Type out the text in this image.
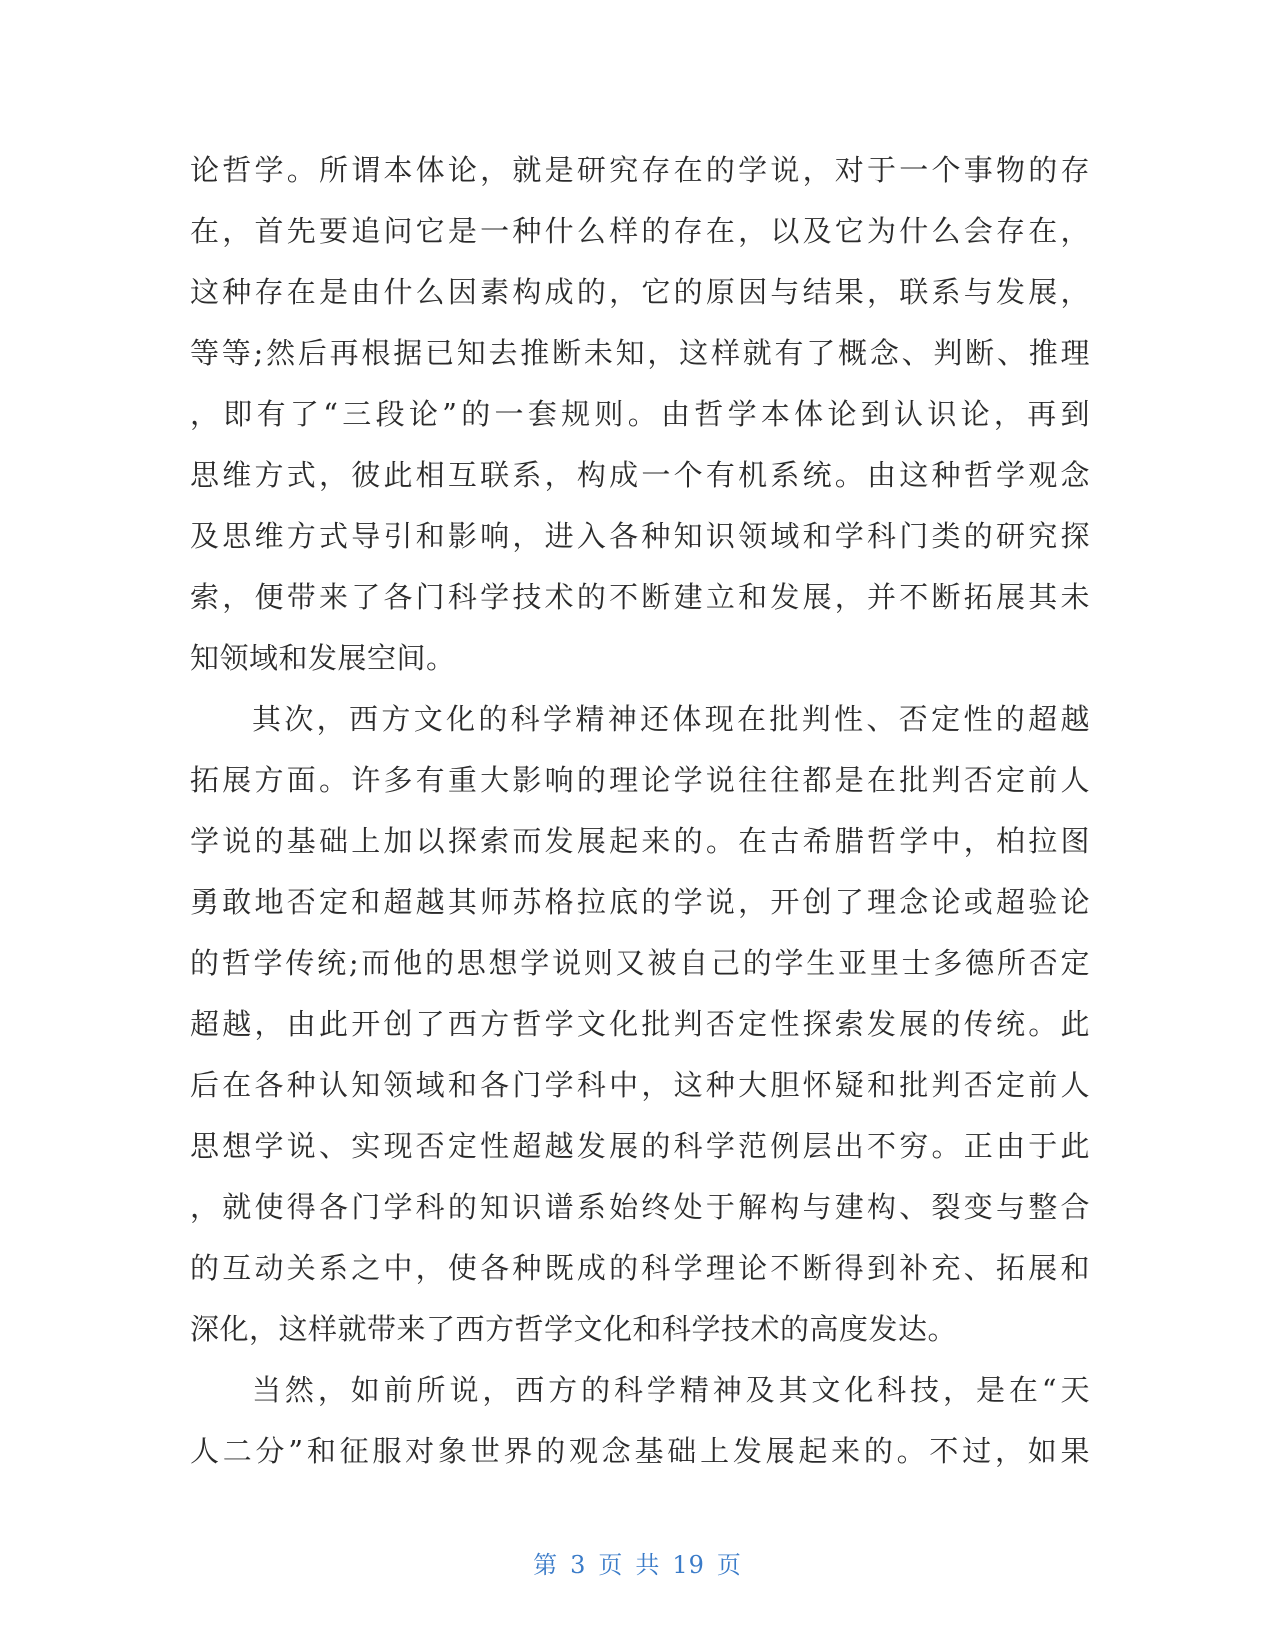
论哲学。所谓本体论，就是研究存在的学说，对于一个事物的存
在，首先要追问它是一种什么样的存在，以及它为什么会存在，
这种存在是由什么因素构成的，它的原因与结果，联系与发展，
等等;然后再根据已知去推断未知，这样就有了概念、判断、推理
，即有了“三段论”的一套规则。由哲学本体论到认识论，再到
思维方式，彼此相互联系，构成一个有机系统。由这种哲学观念
及思维方式导引和影响，进入各种知识领域和学科门类的研究探
索，便带来了各门科学技术的不断建立和发展，并不断拓展其未
知领域和发展空间。
其次，西方文化的科学精神还体现在批判性、否定性的超越
拓展方面。许多有重大影响的理论学说往往都是在批判否定前人
学说的基础上加以探索而发展起来的。在古希腊哲学中，柏拉图
勇敢地否定和超越其师苏格拉底的学说，开创了理念论或超验论
的哲学传统;而他的思想学说则又被自己的学生亚里士多德所否定
超越，由此开创了西方哲学文化批判否定性探索发展的传统。此
后在各种认知领域和各门学科中，这种大胆怀疑和批判否定前人
思想学说、实现否定性超越发展的科学范例层出不穷。正由于此
，就使得各门学科的知识谱系始终处于解构与建构、裂变与整合
的互动关系之中，使各种既成的科学理论不断得到补充、拓展和
深化，这样就带来了西方哲学文化和科学技术的高度发达。
当然，如前所说，西方的科学精神及其文化科技，是在“天
人二分”和征服对象世界的观念基础上发展起来的。不过，如果
第 3 页 共 19 页
